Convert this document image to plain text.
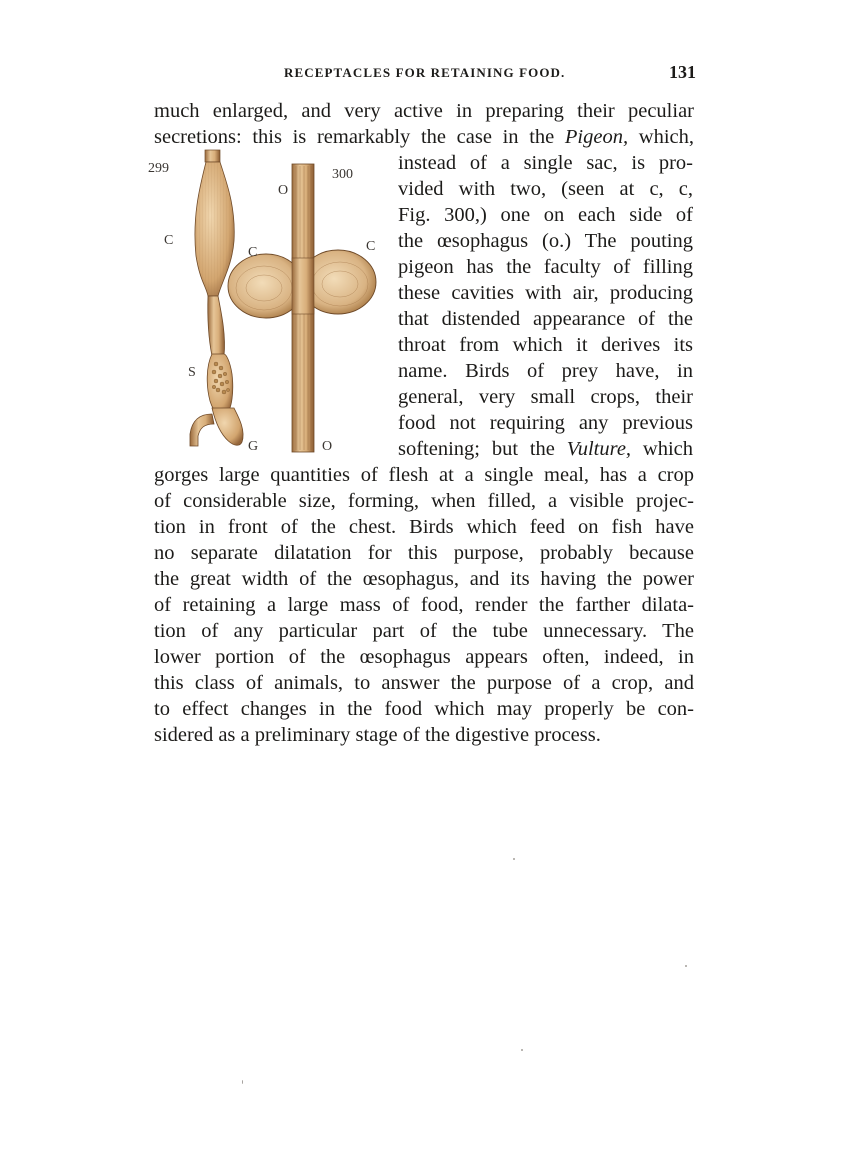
RECEPTACLES FOR RETAINING FOOD.	131
299	300
C
S
G
O
C	C
O
much enlarged, and very active in preparing their peculiar
secretions: this is remarkably the case in the Pigeon, which,
instead of a single sac, is pro-
vided with two, (seen at c, c,
Fig. 300,) one on each side of
the œsophagus (o.) The pouting
pigeon has the faculty of filling
these cavities with air, producing
that distended appearance of the
throat from which it derives its
name. Birds of prey have, in
general, very small crops, their
food not requiring any previous
softening; but the Vulture, which
gorges large quantities of flesh at a single meal, has a crop
of considerable size, forming, when filled, a visible projec-
tion in front of the chest. Birds which feed on fish have
no separate dilatation for this purpose, probably because
the great width of the œsophagus, and its having the power
of retaining a large mass of food, render the farther dilata-
tion of any particular part of the tube unnecessary. The
lower portion of the œsophagus appears often, indeed, in
this class of animals, to answer the purpose of a crop, and
to effect changes in the food which may properly be con-
sidered as a preliminary stage of the digestive process.
